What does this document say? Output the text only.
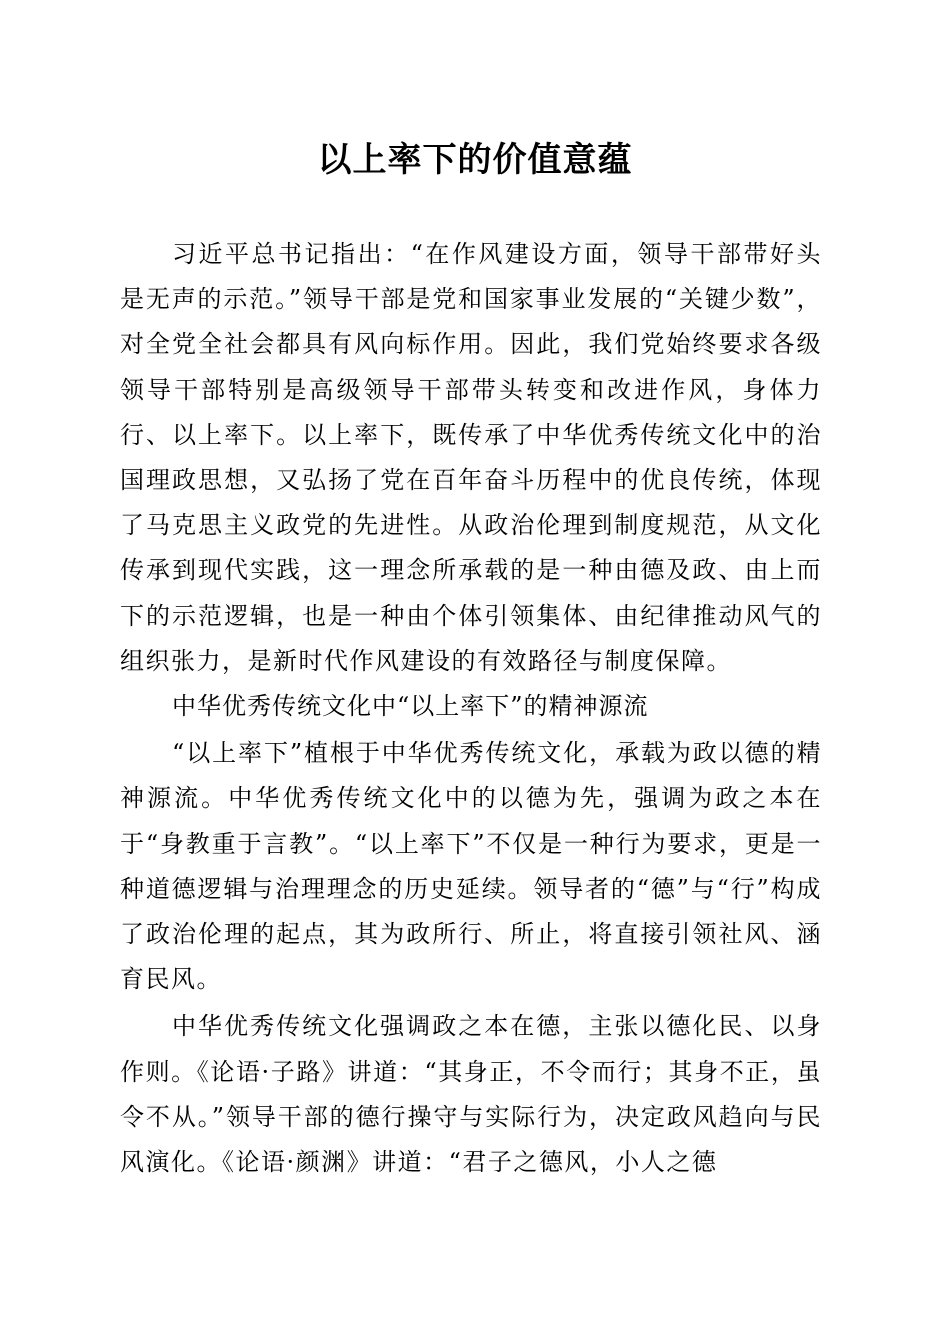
以上率下的价值意蕴

习近平总书记指出：“在作风建设方面，领导干部带好头是无声的示范。”领导干部是党和国家事业发展的“关键少数”，对全党全社会都具有风向标作用。因此，我们党始终要求各级领导干部特别是高级领导干部带头转变和改进作风，身体力行、以上率下。以上率下，既传承了中华优秀传统文化中的治国理政思想，又弘扬了党在百年奋斗历程中的优良传统，体现了马克思主义政党的先进性。从政治伦理到制度规范，从文化传承到现代实践，这一理念所承载的是一种由德及政、由上而下的示范逻辑，也是一种由个体引领集体、由纪律推动风气的组织张力，是新时代作风建设的有效路径与制度保障。

中华优秀传统文化中“以上率下”的精神源流

“以上率下”植根于中华优秀传统文化，承载为政以德的精神源流。中华优秀传统文化中的以德为先，强调为政之本在于“身教重于言教”。“以上率下”不仅是一种行为要求，更是一种道德逻辑与治理理念的历史延续。领导者的“德”与“行”构成了政治伦理的起点，其为政所行、所止，将直接引领社风、涵育民风。

中华优秀传统文化强调政之本在德，主张以德化民、以身作则。《论语·子路》讲道：“其身正，不令而行；其身不正，虽令不从。”领导干部的德行操守与实际行为，决定政风趋向与民风演化。《论语·颜渊》讲道：“君子之德风，小人之德
